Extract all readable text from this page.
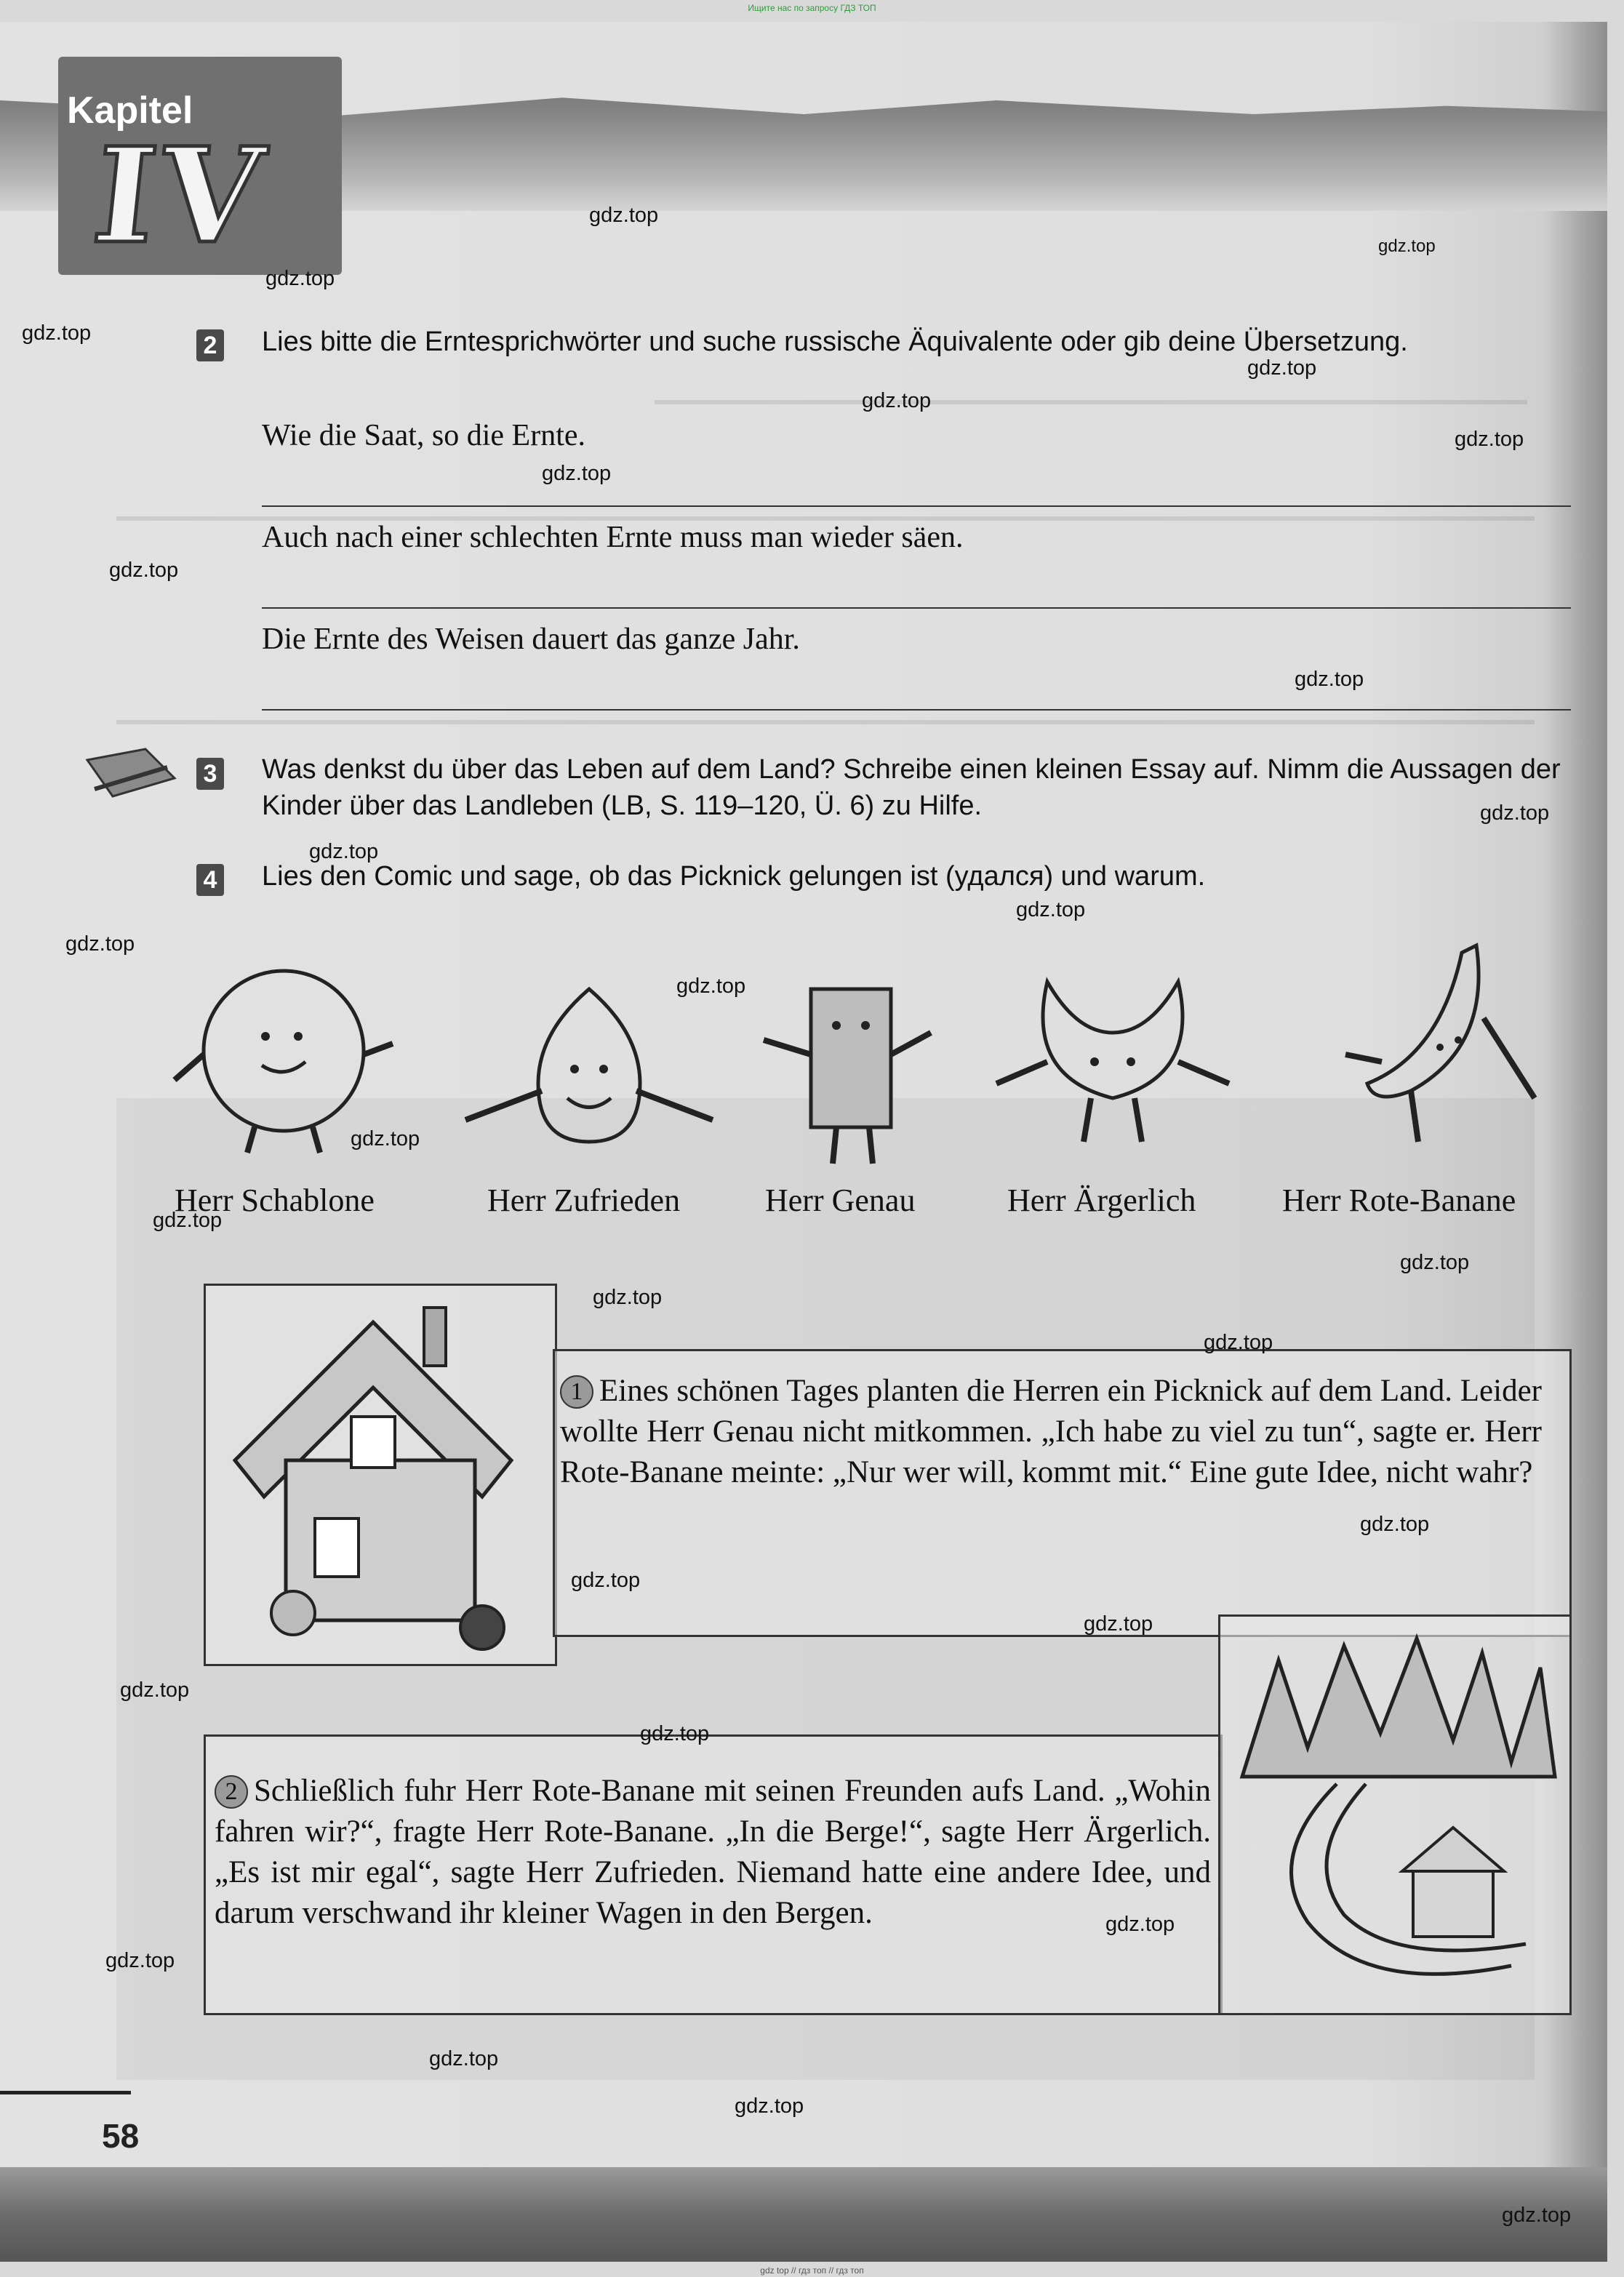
Ищите нас по запросу ГДЗ ТОП
Kapitel
IV
2 Lies bitte die Erntesprichwörter und suche russische Äquivalente oder gib deine Übersetzung.
Wie die Saat, so die Ernte.
Auch nach einer schlechten Ernte muss man wieder säen.
Die Ernte des Weisen dauert das ganze Jahr.
3 Was denkst du über das Leben auf dem Land? Schreibe einen kleinen Essay auf. Nimm die Aussagen der Kinder über das Landleben (LB, S. 119–120, Ü. 6) zu Hilfe.
4 Lies den Comic und sage, ob das Picknick gelungen ist (удался) und warum.
Herr Schablone	Herr Zufrieden	Herr Genau	Herr Ärgerlich	Herr Rote-Banane
1 Eines schönen Tages planten die Herren ein Picknick auf dem Land. Leider wollte Herr Genau nicht mitkommen. „Ich habe zu viel zu tun“, sagte er. Herr Rote-Banane meinte: „Nur wer will, kommt mit.“ Eine gute Idee, nicht wahr?
2 Schließlich fuhr Herr Rote-Banane mit seinen Freunden aufs Land. „Wohin fahren wir?“, fragte Herr Rote-Banane. „In die Berge!“, sagte Herr Ärgerlich. „Es ist mir egal“, sagte Herr Zufrieden. Niemand hatte eine andere Idee, und darum verschwand ihr kleiner Wagen in den Bergen.
58
gdz.top
gdz.top
gdz.top
gdz.top
gdz.top
gdz.top
gdz.top
gdz.top
gdz.top
gdz.top
gdz.top
gdz.top
gdz.top
gdz.top
gdz.top
gdz.top
gdz.top
gdz.top
gdz.top
gdz.top
gdz.top
gdz.top
gdz.top
gdz.top
gdz.top
gdz.top
gdz.top
gdz.top
gdz.top
gdz.top
gdz top // гдз топ // гдз топ
